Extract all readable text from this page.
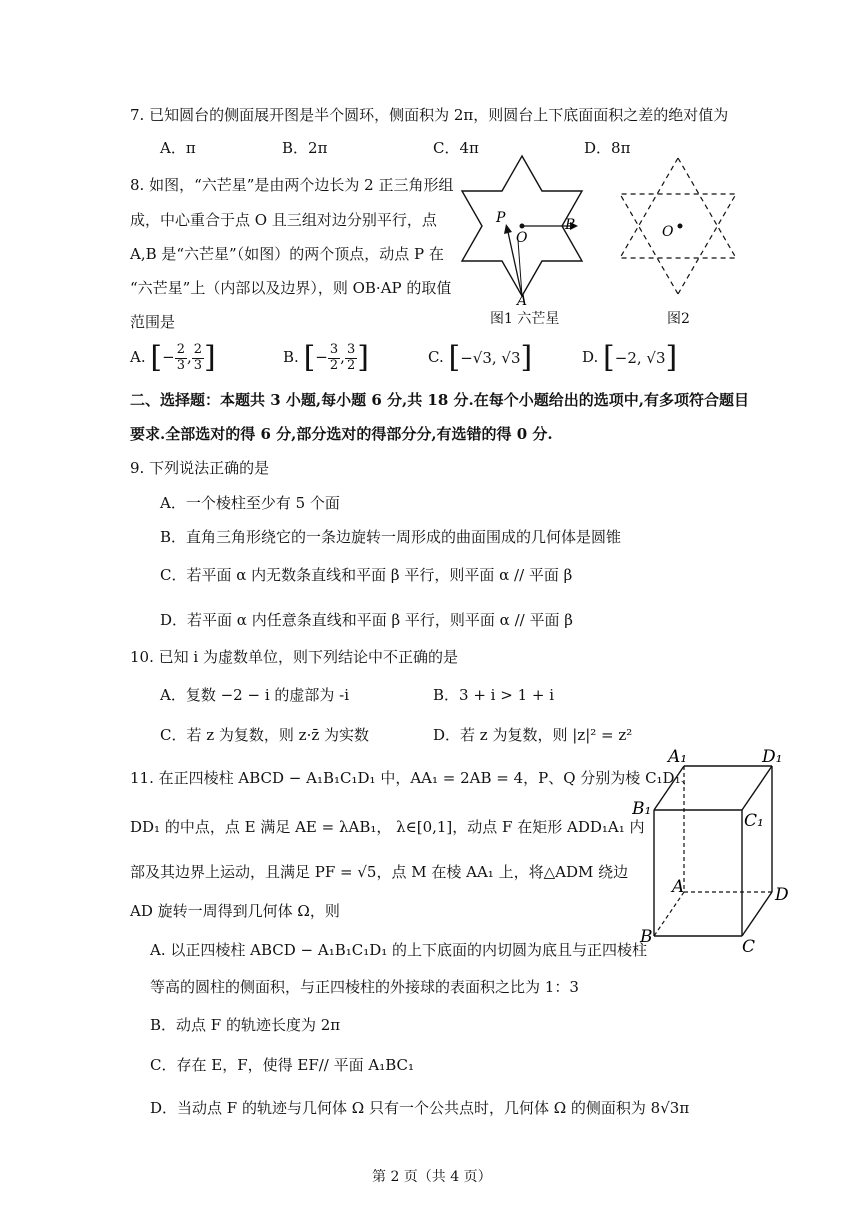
7. 已知圆台的侧面展开图是半个圆环，侧面积为 2π，则圆台上下底面面积之差的绝对值为
A．π	B．2π	C．4π	D．8π
8. 如图，“六芒星”是由两个边长为 2 正三角形组
成，中心重合于点 O 且三组对边分别平行，点
A,B 是“六芒星”（如图）的两个顶点，动点 P 在
“六芒星”上（内部以及边界），则 OB·AP 的取值
范围是
P
O
B
A
图1 六芒星
O
图2
A. [− $\frac{2}{3}$ , $\frac{2}{3}$ ]	B. [− $\frac{3}{2}$ , $\frac{3}{2}$ ]	C. [−√3, √3]	D. [−2, √3]
二、选择题：本题共 3 小题,每小题 6 分,共 18 分.在每个小题给出的选项中,有多项符合题目
要求.全部选对的得 6 分,部分选对的得部分分,有选错的得 0 分.
9. 下列说法正确的是
A．一个棱柱至少有 5 个面
B．直角三角形绕它的一条边旋转一周形成的曲面围成的几何体是圆锥
C．若平面 α 内无数条直线和平面 β 平行，则平面 α // 平面 β
D．若平面 α 内任意条直线和平面 β 平行，则平面 α // 平面 β
10. 已知 i 为虚数单位，则下列结论中不正确的是
A．复数 −2 − i 的虚部为 -i	B．3 + i > 1 + i
C．若 z 为复数，则 z·z̄ 为实数	D．若 z 为复数，则 |z|² = z²
11. 在正四棱柱 ABCD − A₁B₁C₁D₁ 中，AA₁ = 2AB = 4，P、Q 分别为棱 C₁D₁、
DD₁ 的中点，点 E 满足 AE = λAB₁， λ∈[0,1]，动点 F 在矩形 ADD₁A₁ 内
部及其边界上运动，且满足 PF = √5，点 M 在棱 AA₁ 上，将△ADM 绕边
AD 旋转一周得到几何体 Ω，则
A. 以正四棱柱 ABCD − A₁B₁C₁D₁ 的上下底面的内切圆为底且与正四棱柱
等高的圆柱的侧面积，与正四棱柱的外接球的表面积之比为 1：3
B．动点 F 的轨迹长度为 2π
C．存在 E，F，使得 EF// 平面 A₁BC₁
D．当动点 F 的轨迹与几何体 Ω 只有一个公共点时，几何体 Ω 的侧面积为 8√3π
A₁	D₁
B₁
C₁
A	D
B	C
第 2 页（共 4 页）
